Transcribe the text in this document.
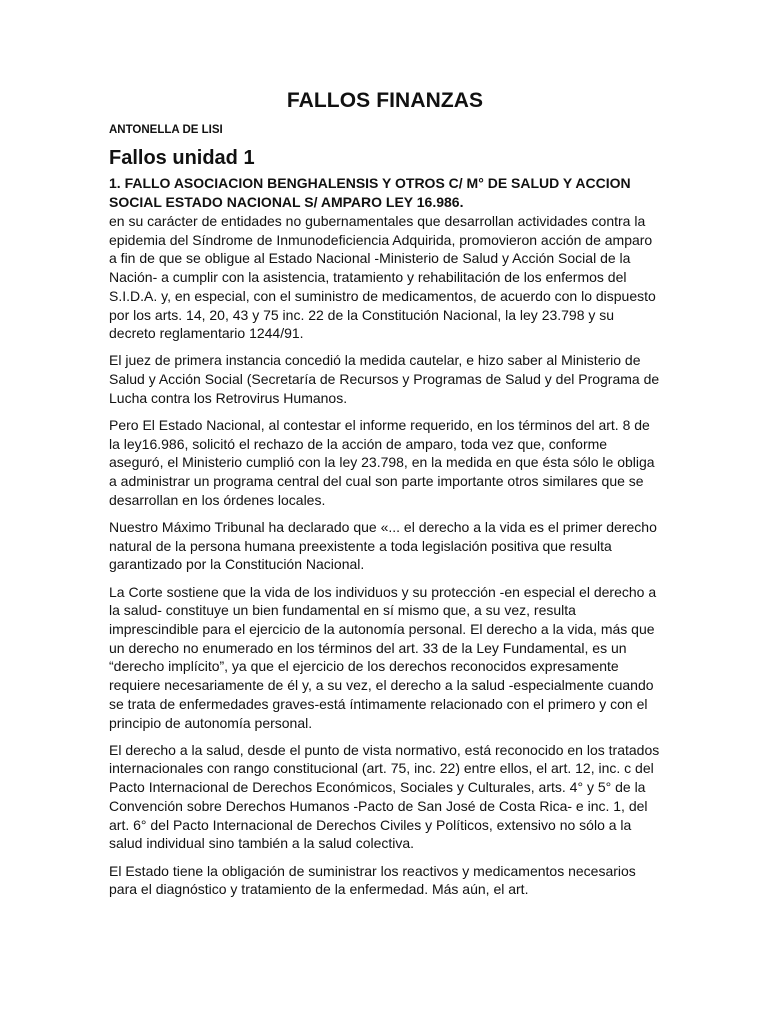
FALLOS FINANZAS

ANTONELLA DE LISI

Fallos unidad 1

1. FALLO ASOCIACION BENGHALENSIS Y OTROS C/ M° DE SALUD Y ACCION SOCIAL ESTADO NACIONAL S/ AMPARO LEY 16.986.

en su carácter de entidades no gubernamentales que desarrollan actividades contra la epidemia del Síndrome de Inmunodeficiencia Adquirida, promovieron acción de amparo a fin de que se obligue al Estado Nacional -Ministerio de Salud y Acción Social de la Nación- a cumplir con la asistencia, tratamiento y rehabilitación de los enfermos del S.I.D.A. y, en especial, con el suministro de medicamentos, de acuerdo con lo dispuesto por los arts. 14, 20, 43 y 75 inc. 22 de la Constitución Nacional, la ley 23.798 y su decreto reglamentario 1244/91.

El juez de primera instancia concedió la medida cautelar, e hizo saber al Ministerio de Salud y Acción Social (Secretaría de Recursos y Programas de Salud y del Programa de Lucha contra los Retrovirus Humanos.

Pero El Estado Nacional, al contestar el informe requerido, en los términos del art. 8 de la ley16.986, solicitó el rechazo de la acción de amparo, toda vez que, conforme aseguró, el Ministerio cumplió con la ley 23.798, en la medida en que ésta sólo le obliga a administrar un programa central del cual son parte importante otros similares que se desarrollan en los órdenes locales.

Nuestro Máximo Tribunal ha declarado que «... el derecho a la vida es el primer derecho natural de la persona humana preexistente a toda legislación positiva que resulta garantizado por la Constitución Nacional.

La Corte sostiene que la vida de los individuos y su protección -en especial el derecho a la salud- constituye un bien fundamental en sí mismo que, a su vez, resulta imprescindible para el ejercicio de la autonomía personal. El derecho a la vida, más que un derecho no enumerado en los términos del art. 33 de la Ley Fundamental, es un “derecho implícito”, ya que el ejercicio de los derechos reconocidos expresamente requiere necesariamente de él y, a su vez, el derecho a la salud -especialmente cuando se trata de enfermedades graves-está íntimamente relacionado con el primero y con el principio de autonomía personal.

El derecho a la salud, desde el punto de vista normativo, está reconocido en los tratados internacionales con rango constitucional (art. 75, inc. 22) entre ellos, el art. 12, inc. c del Pacto Internacional de Derechos Económicos, Sociales y Culturales, arts. 4° y 5° de la Convención sobre Derechos Humanos -Pacto de San José de Costa Rica- e inc. 1, del art. 6° del Pacto Internacional de Derechos Civiles y Políticos, extensivo no sólo a la salud individual sino también a la salud colectiva.

El Estado tiene la obligación de suministrar los reactivos y medicamentos necesarios para el diagnóstico y tratamiento de la enfermedad. Más aún, el art.
